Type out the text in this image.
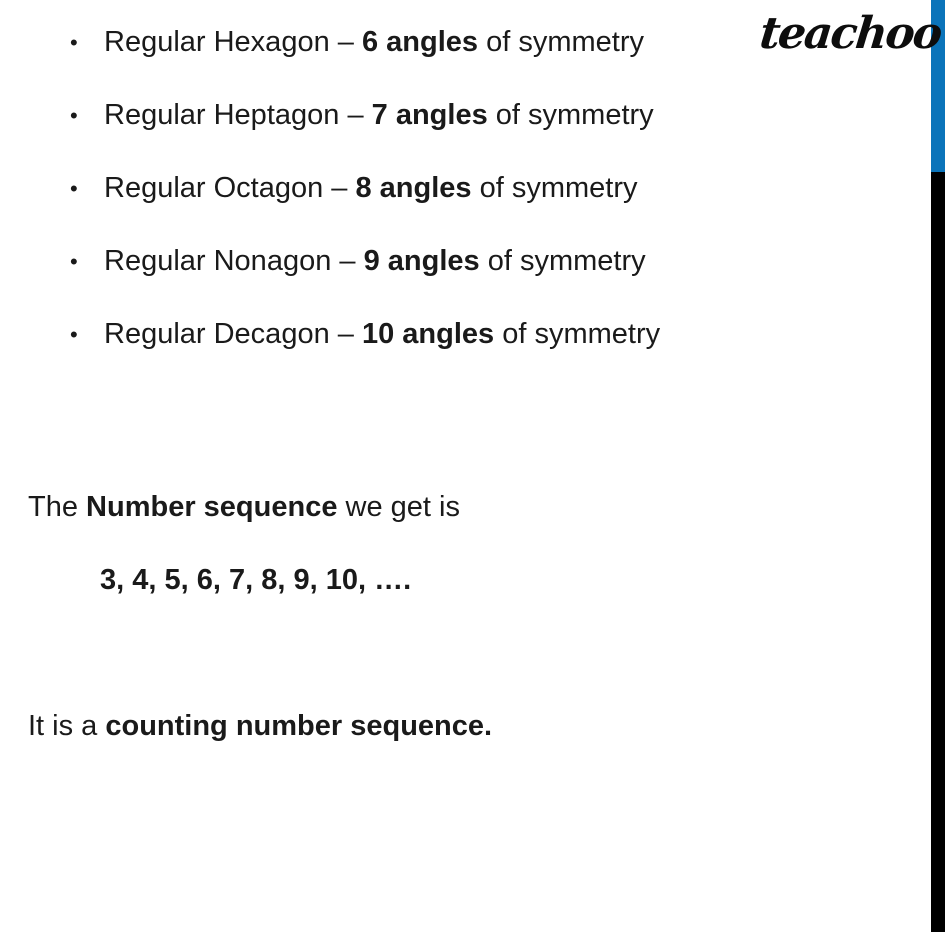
teachoo
• Regular Hexagon – 6 angles of symmetry
• Regular Heptagon – 7 angles of symmetry
• Regular Octagon – 8 angles of symmetry
• Regular Nonagon – 9 angles of symmetry
• Regular Decagon – 10 angles of symmetry

The Number sequence we get is

3, 4, 5, 6, 7, 8, 9, 10, ….

It is a counting number sequence.
